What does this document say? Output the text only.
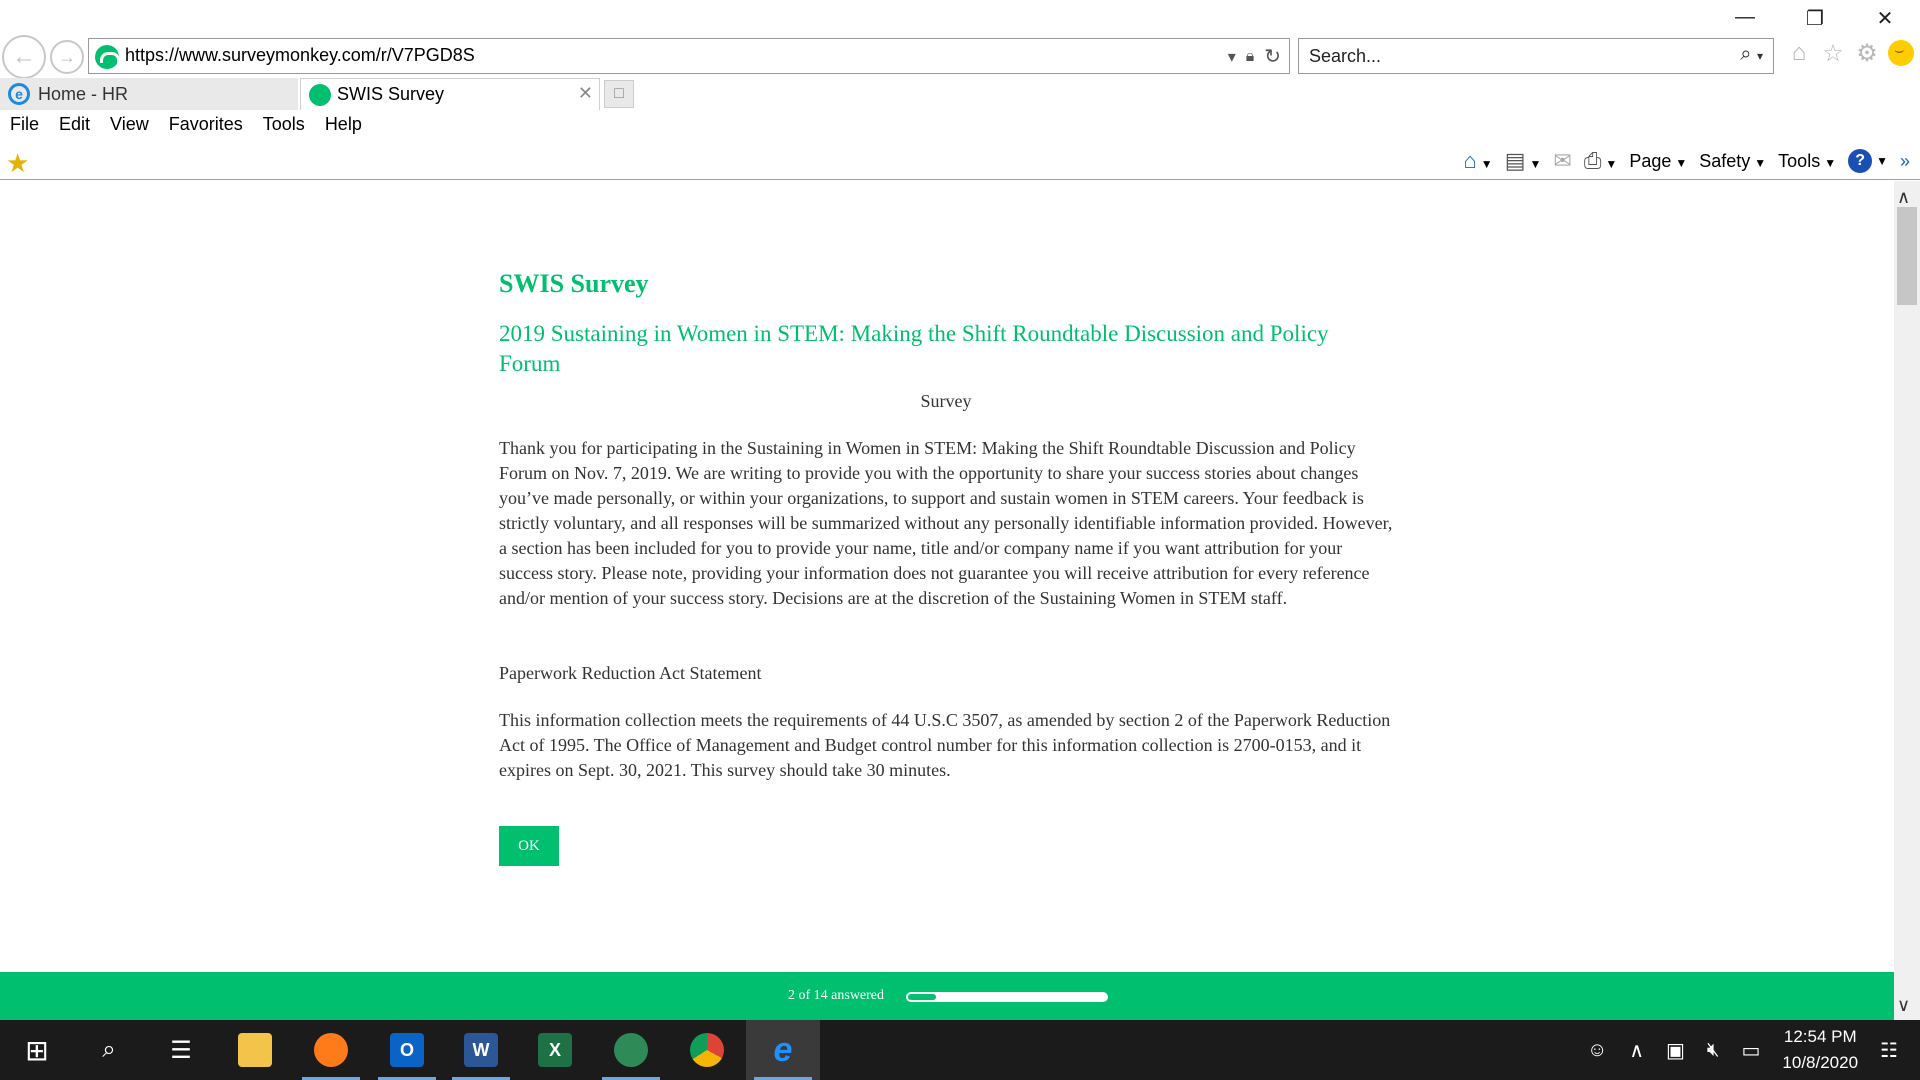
—	❐	✕
← →	https://www.surveymonkey.com/r/V7PGD8S	▾ 🔒︎ ↻ Search...	⌕ ▾ ⌂ ☆ ⚙
⌣
e Home - HR	SWIS Survey	✕ □
File	Edit	View	Favorites	Tools	Help
★	⌂ ▼ ▤ ▼ ✉ ⎙ ▼ Page ▼ Safety ▼ Tools ▼	? ▼ »
SWIS Survey
2019 Sustaining in Women in STEM: Making the Shift Roundtable Discussion and Policy Forum
Survey
Thank you for participating in the Sustaining in Women in STEM: Making the Shift Roundtable Discussion and Policy Forum on Nov. 7, 2019. We are writing to provide you with the opportunity to share your success stories about changes you’ve made personally, or within your organizations, to support and sustain women in STEM careers. Your feedback is strictly voluntary, and all responses will be summarized without any personally identifiable information provided. However, a section has been included for you to provide your name, title and/or company name if you want attribution for your success story. Please note, providing your information does not guarantee you will receive attribution for every reference and/or mention of your success story. Decisions are at the discretion of the Sustaining Women in STEM staff.
Paperwork Reduction Act Statement
This information collection meets the requirements of 44 U.S.C 3507, as amended by section 2 of the Paperwork Reduction Act of 1995. The Office of Management and Budget control number for this information collection is 2700-0153, and it expires on Sept. 30, 2021. This survey should take 30 minutes.
OK
2 of 14 answered
∧
∨
⊞ ⌕ ☰	O	W	X	e	☺ ∧ ▣ 🔇︎ ▭
12:54 PM
10/8/2020
☷
